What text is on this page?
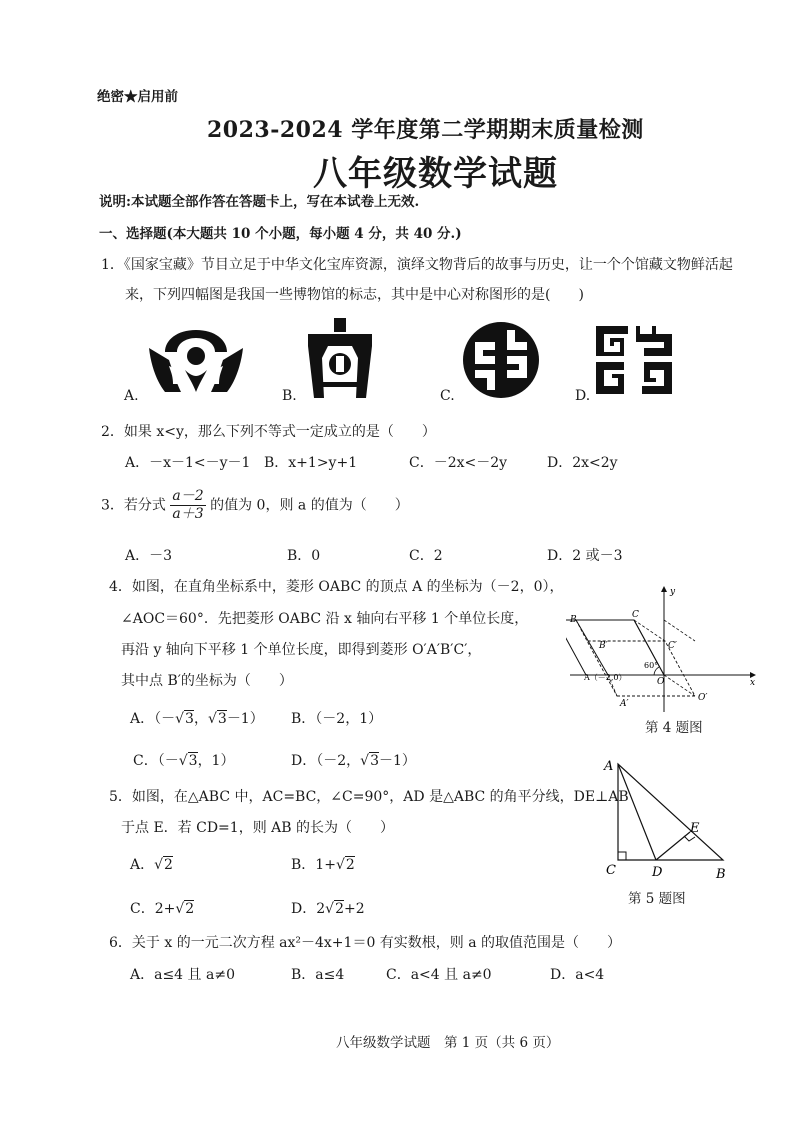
绝密★启用前
2023-2024 学年度第二学期期末质量检测
八年级数学试题
说明:本试题全部作答在答题卡上，写在本试卷上无效.
一、选择题(本大题共 10 个小题，每小题 4 分，共 40 分.)
1．《国家宝藏》节目立足于中华文化宝库资源，演绎文物背后的故事与历史，让一个个馆藏文物鲜活起
来，下列四幅图是我国一些博物馆的标志，其中是中心对称图形的是(　　)
A.	B.	C.	D.
2．如果 x<y，那么下列不等式一定成立的是（　　）
A．－x－1<－y－1 B．x+1>y+1	C．－2x<－2y	D．2x<2y
3．若分式 $\frac{a-2}{a+3}$ 的值为 0，则 a 的值为（　　）
A．－3	B．0	C．2	D．2 或－3
4．如图，在直角坐标系中，菱形 OABC 的顶点 A 的坐标为（－2，0），
∠AOC＝60°．先把菱形 OABC 沿 x 轴向右平移 1 个单位长度，
再沿 y 轴向下平移 1 个单位长度，即得到菱形 O′A′B′C′，
其中点 B′的坐标为（　　）
A．（－√3，√3－1） B．（－2，1）
C．（－√3，1）	D．（－2，√3－1）
B	C
B′	C′
A（－2,0）	O
A′
O′
60°
y
x
第 4 题图
5．如图，在△ABC 中，AC=BC，∠C=90°，AD 是△ABC 的角平分线，DE⊥AB
于点 E．若 CD=1，则 AB 的长为（　　）
A．√2	B．1+√2
C．2+√2	D．2√2+2
A
C	D
E
B
第 5 题图
6．关于 x 的一元二次方程 ax²－4x+1＝0 有实数根，则 a 的取值范围是（　　）
A．a≤4 且 a≠0	B．a≤4	C．a<4 且 a≠0	D．a<4
八年级数学试题　第 1 页（共 6 页）
